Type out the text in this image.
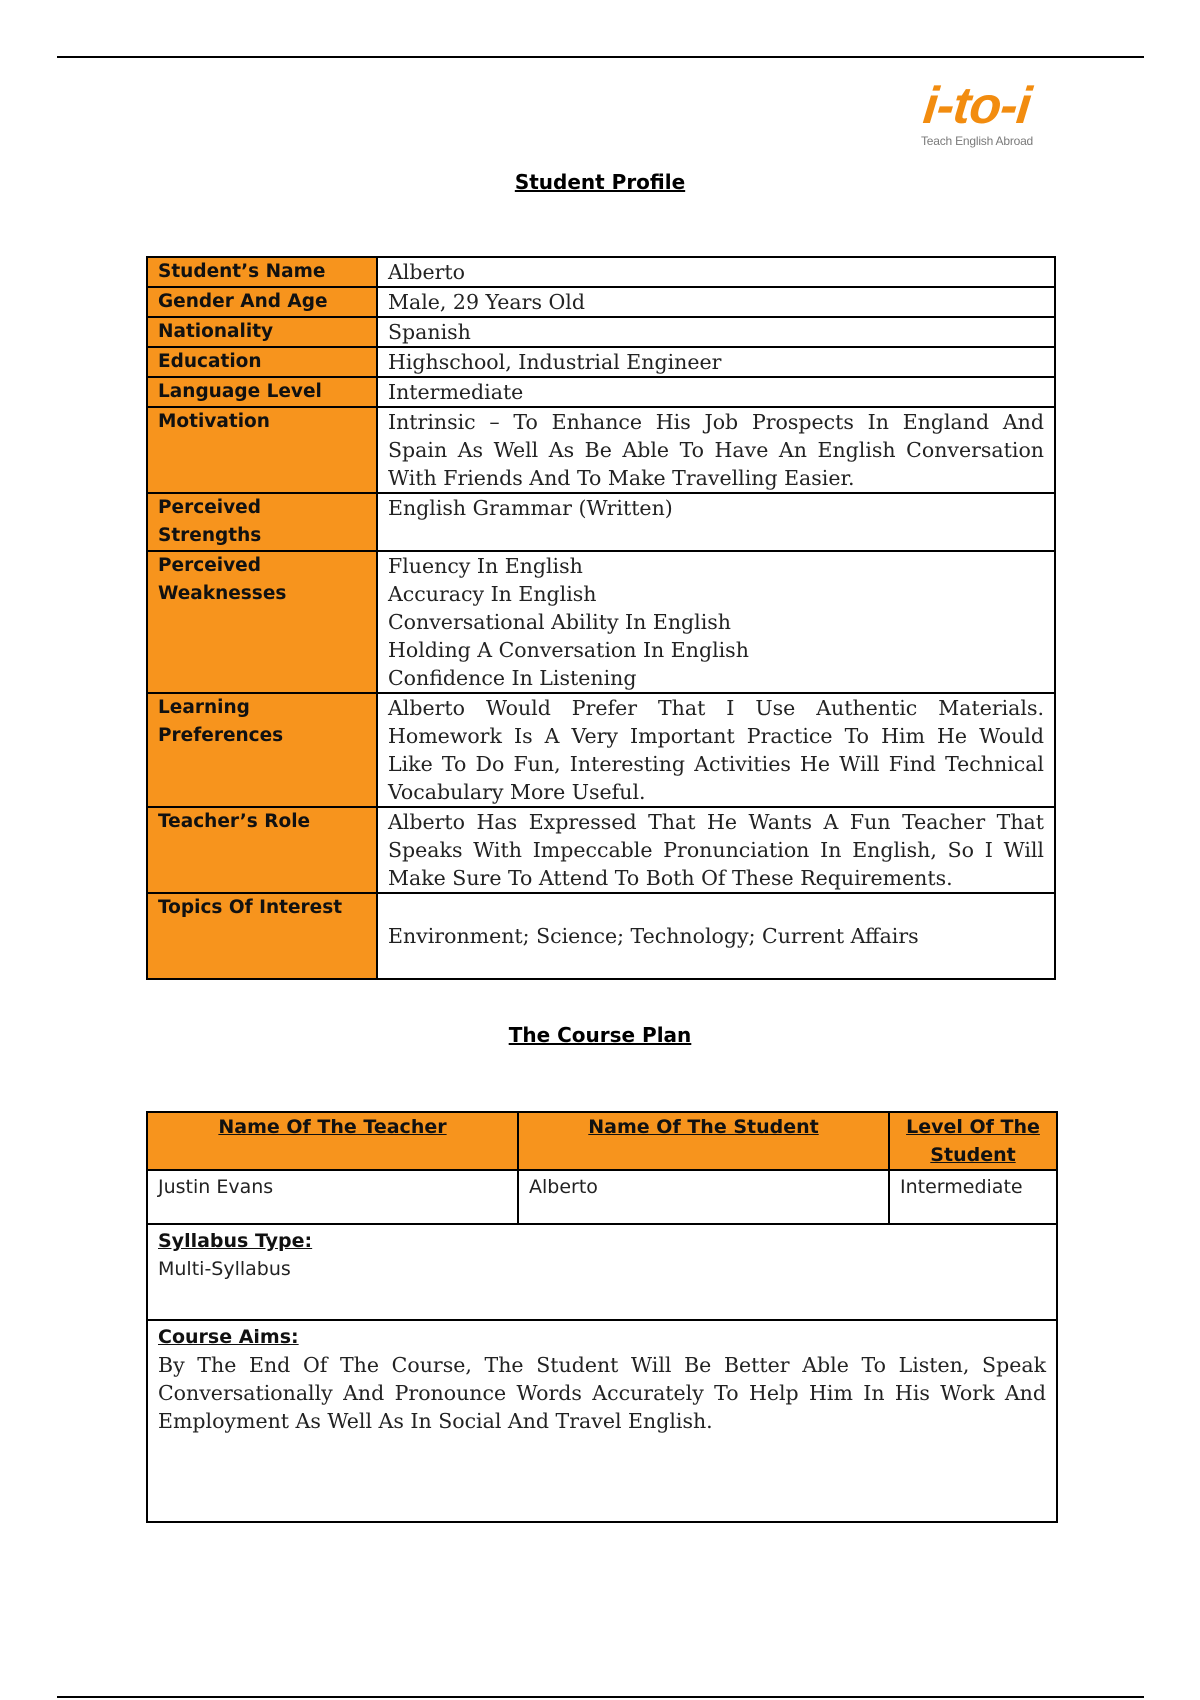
i-to-i
Teach English Abroad
Student Profile
Student’s Name	Alberto
Gender And Age	Male, 29 Years Old
Nationality	Spanish
Education	Highschool, Industrial Engineer
Language Level	Intermediate
Motivation	Intrinsic – To Enhance His Job Prospects In England And Spain As Well As Be Able To Have An English Conversation With Friends And To Make Travelling Easier.
Perceived Strengths	English Grammar (Written)

Perceived
Weaknesses	Fluency In English
Accuracy In English
Conversational Ability In English
Holding A Conversation In English
Confidence In Listening

Learning
Preferences	Alberto Would Prefer That I Use Authentic Materials. Homework Is A Very Important Practice To Him He Would Like To Do Fun, Interesting Activities He Will Find Technical Vocabulary More Useful.
Teacher’s Role	Alberto Has Expressed That He Wants A Fun Teacher That Speaks With Impeccable Pronunciation In English, So I Will Make Sure To Attend To Both Of These Requirements.
Topics Of Interest	Environment; Science; Technology; Current Affairs
The Course Plan
Name Of The Teacher	Name Of The Student	Level Of The Student
Justin Evans	Alberto	Intermediate

Syllabus Type:
Multi-Syllabus		

Course Aims:
By The End Of The Course, The Student Will Be Better Able To Listen, Speak Conversationally And Pronounce Words Accurately To Help Him In His Work And Employment As Well As In Social And Travel English.		
